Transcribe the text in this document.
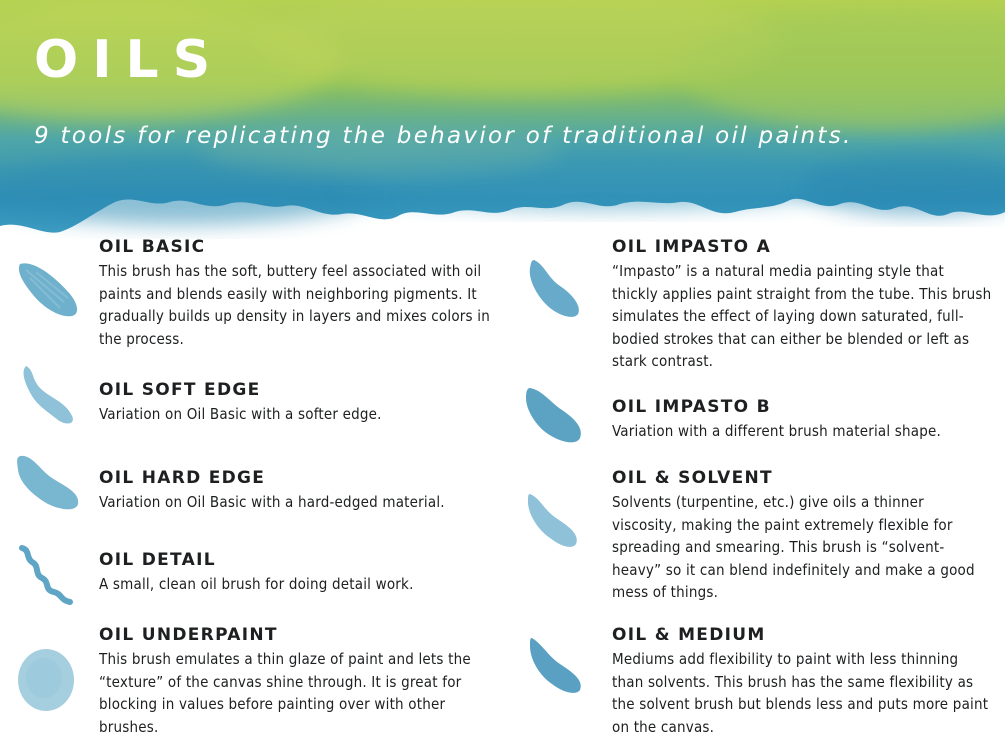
OILS
9 tools for replicating the behavior of traditional oil paints.
OIL BASIC

This brush has the soft, buttery feel associated with oil paints and blends easily with neighboring pigments. It gradually builds up density in layers and mixes colors in the process.

OIL SOFT EDGE

Variation on Oil Basic with a softer edge.

OIL HARD EDGE

Variation on Oil Basic with a hard-edged material.

OIL DETAIL

A small, clean oil brush for doing detail work.

OIL UNDERPAINT

This brush emulates a thin glaze of paint and lets the “texture” of the canvas shine through. It is great for blocking in values before painting over with other brushes.

OIL IMPASTO A

“Impasto” is a natural media painting style that thickly applies paint straight from the tube. This brush simulates the effect of laying down saturated, full-bodied strokes that can either be blended or left as stark contrast.

OIL IMPASTO B

Variation with a different brush material shape.

OIL & SOLVENT

Solvents (turpentine, etc.) give oils a thinner viscosity, making the paint extremely flexible for spreading and smearing. This brush is “solvent-heavy” so it can blend indefinitely and make a good mess of things.

OIL & MEDIUM

Mediums add flexibility to paint with less thinning than solvents. This brush has the same flexibility as the solvent brush but blends less and puts more paint on the canvas.
